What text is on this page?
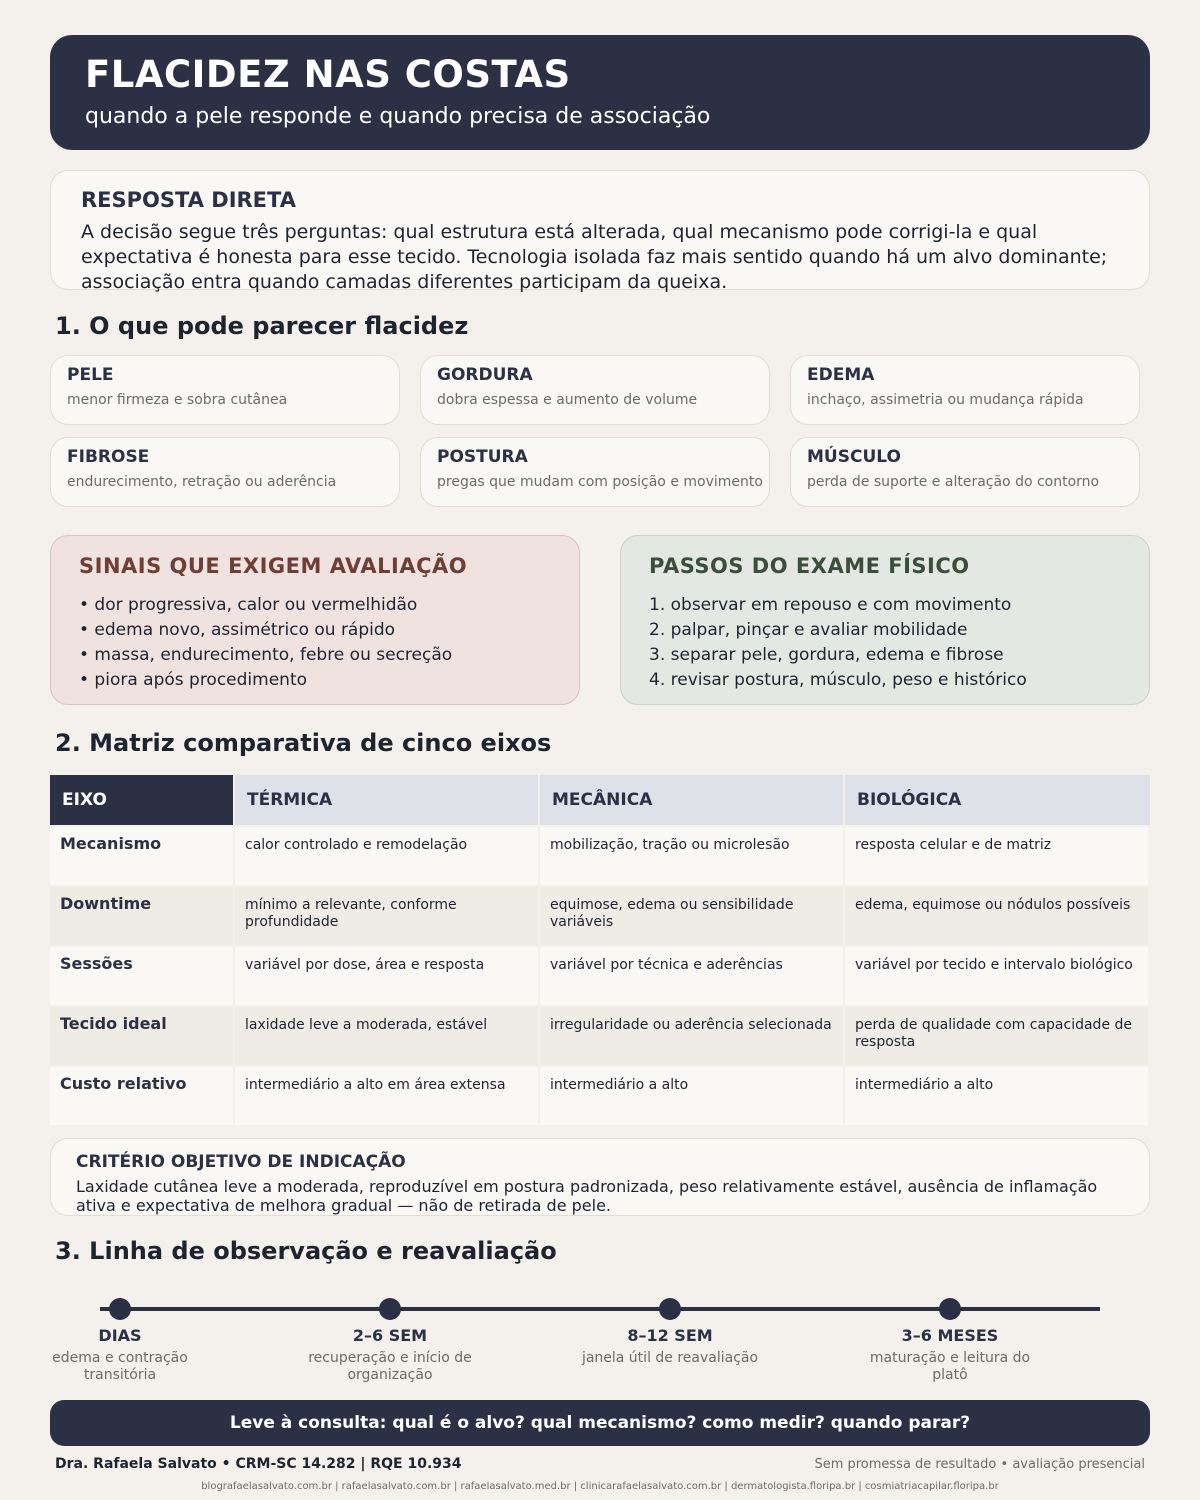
FLACIDEZ NAS COSTAS
quando a pele responde e quando precisa de associação
RESPOSTA DIRETA
A decisão segue três perguntas: qual estrutura está alterada, qual mecanismo pode corrigi-la e qual expectativa é honesta para esse tecido. Tecnologia isolada faz mais sentido quando há um alvo dominante; associação entra quando camadas diferentes participam da queixa.
1. O que pode parecer flacidez
PELE
menor firmeza e sobra cutânea
GORDURA
dobra espessa e aumento de volume
EDEMA
inchaço, assimetria ou mudança rápida
FIBROSE
endurecimento, retração ou aderência
POSTURA
pregas que mudam com posição e movimento
MÚSCULO
perda de suporte e alteração do contorno
SINAIS QUE EXIGEM AVALIAÇÃO
• dor progressiva, calor ou vermelhidão
• edema novo, assimétrico ou rápido
• massa, endurecimento, febre ou secreção
• piora após procedimento
PASSOS DO EXAME FÍSICO
1. observar em repouso e com movimento
2. palpar, pinçar e avaliar mobilidade
3. separar pele, gordura, edema e fibrose
4. revisar postura, músculo, peso e histórico
2. Matriz comparativa de cinco eixos
EIXO	TÉRMICA	MECÂNICA	BIOLÓGICA
Mecanismo	calor controlado e remodelação	mobilização, tração ou microlesão	resposta celular e de matriz
Downtime	mínimo a relevante, conforme profundidade	equimose, edema ou sensibilidade variáveis	edema, equimose ou nódulos possíveis
Sessões	variável por dose, área e resposta	variável por técnica e aderências	variável por tecido e intervalo biológico
Tecido ideal	laxidade leve a moderada, estável	irregularidade ou aderência selecionada	perda de qualidade com capacidade de resposta
Custo relativo	intermediário a alto em área extensa	intermediário a alto	intermediário a alto
CRITÉRIO OBJETIVO DE INDICAÇÃO
Laxidade cutânea leve a moderada, reproduzível em postura padronizada, peso relativamente estável, ausência de inflamação ativa e expectativa de melhora gradual — não de retirada de pele.
3. Linha de observação e reavaliação
DIAS	2–6 SEM	8–12 SEM	3–6 MESES
edema e contração transitória
recuperação e início de organização
janela útil de reavaliação	maturação e leitura do platô
Leve à consulta: qual é o alvo? qual mecanismo? como medir? quando parar?
Dra. Rafaela Salvato • CRM-SC 14.282 | RQE 10.934	Sem promessa de resultado • avaliação presencial
blografaelasalvato.com.br | rafaelasalvato.com.br | rafaelasalvato.med.br | clinicarafaelasalvato.com.br | dermatologista.floripa.br | cosmiatriacapilar.floripa.br
